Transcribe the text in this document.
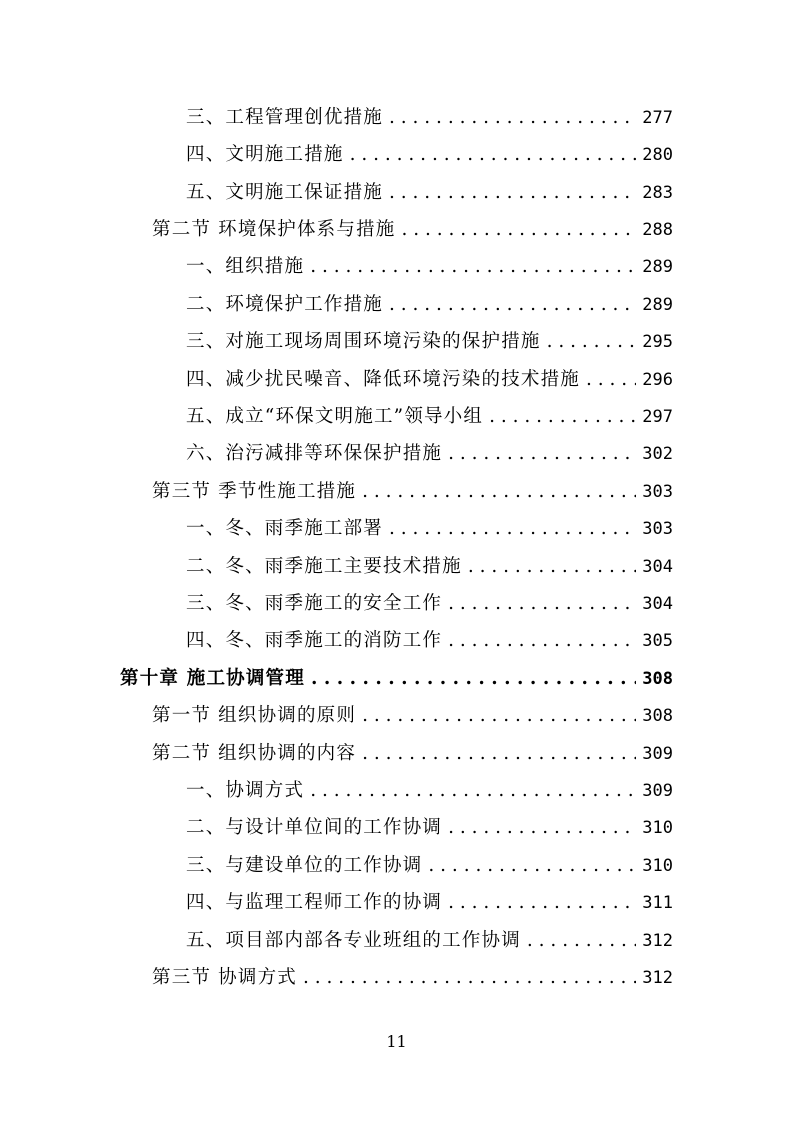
三、工程管理创优措施 . . .	277
四、文明施工措施 . . .	280
五、文明施工保证措施 . . .	283
第二节 环境保护体系与措施 . . .	288
一、组织措施 . . .	289
二、环境保护工作措施 . . .	289
三、对施工现场周围环境污染的保护措施 . . .	295
四、减少扰民噪音、降低环境污染的技术措施 . . .	296
五、成立“环保文明施工”领导小组 . . .	297
六、治污减排等环保保护措施 . . .	302
第三节 季节性施工措施 . . .	303
一、冬、雨季施工部署 . . .	303
二、冬、雨季施工主要技术措施 . . .	304
三、冬、雨季施工的安全工作 . . .	304
四、冬、雨季施工的消防工作 . . .	305
第十章 施工协调管理 . . .	308
第一节 组织协调的原则 . . .	308
第二节 组织协调的内容 . . .	309
一、协调方式 . . .	309
二、与设计单位间的工作协调 . . .	310
三、与建设单位的工作协调 . . .	310
四、与监理工程师工作的协调 . . .	311
五、项目部内部各专业班组的工作协调 . . .	312
第三节 协调方式 . . .	312
11
